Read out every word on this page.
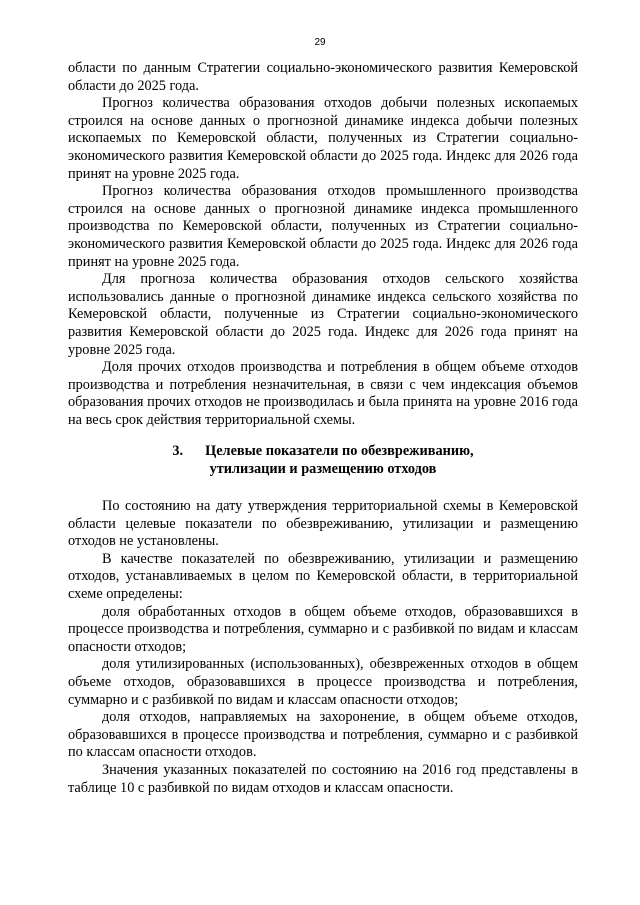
29

области по данным Стратегии социально-экономического развития Кемеровской области до 2025 года.

Прогноз количества образования отходов добычи полезных ископаемых строился на основе данных о прогнозной динамике индекса добычи полезных ископаемых по Кемеровской области, полученных из Стратегии социально-экономического развития Кемеровской области до 2025 года. Индекс для 2026 года принят на уровне 2025 года.

Прогноз количества образования отходов промышленного производства строился на основе данных о прогнозной динамике индекса промышленного производства по Кемеровской области, полученных из Стратегии социально-экономического развития Кемеровской области до 2025 года. Индекс для 2026 года принят на уровне 2025 года.

Для прогноза количества образования отходов сельского хозяйства использовались данные о прогнозной динамике индекса сельского хозяйства по Кемеровской области, полученные из Стратегии социально-экономического развития Кемеровской области до 2025 года. Индекс для 2026 года принят на уровне 2025 года.

Доля прочих отходов производства и потребления в общем объеме отходов производства и потребления незначительная, в связи с чем индексация объемов образования прочих отходов не производилась и была принята на уровне 2016 года на весь срок действия территориальной схемы.

3. Целевые показатели по обезвреживанию,
утилизации и размещению отходов

По состоянию на дату утверждения территориальной схемы в Кемеровской области целевые показатели по обезвреживанию, утилизации и размещению отходов не установлены.

В качестве показателей по обезвреживанию, утилизации и размещению отходов, устанавливаемых в целом по Кемеровской области, в территориальной схеме определены:

доля обработанных отходов в общем объеме отходов, образовавшихся в процессе производства и потребления, суммарно и с разбивкой по видам и классам опасности отходов;

доля утилизированных (использованных), обезвреженных отходов в общем объеме отходов, образовавшихся в процессе производства и потребления, суммарно и с разбивкой по видам и классам опасности отходов;

доля отходов, направляемых на захоронение, в общем объеме отходов, образовавшихся в процессе производства и потребления, суммарно и с разбивкой по классам опасности отходов.

Значения указанных показателей по состоянию на 2016 год представлены в таблице 10 с разбивкой по видам отходов и классам опасности.
